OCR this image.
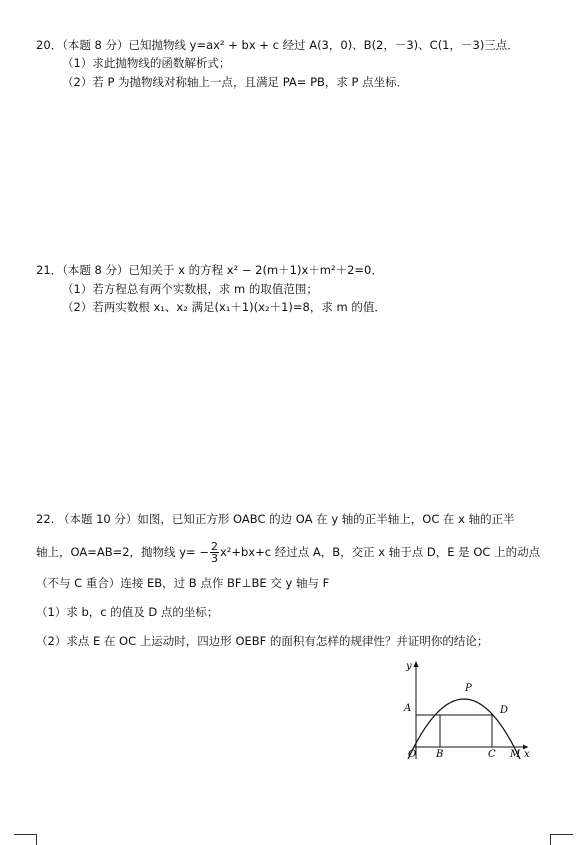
20．（本题 8 分）已知抛物线 y=ax² + bx + c 经过 A(3，0)、B(2，－3)、C(1，－3)三点．
（1）求此抛物线的函数解析式；
（2）若 P 为抛物线对称轴上一点，且满足 PA= PB，求 P 点坐标．
21．（本题 8 分）已知关于 x 的方程 x² − 2(m＋1)x＋m²＋2=0．
（1）若方程总有两个实数根，求 m 的取值范围；
（2）若两实数根 x₁、x₂ 满足(x₁＋1)(x₂＋1)=8，求 m 的值．
22. （本题 10 分）如图，已知正方形 OABC 的边 OA 在 y 轴的正半轴上，OC 在 x 轴的正半
轴上，OA=AB=2，抛物线 $y= - \frac{2}{3} x^2+bx+c$ 经过点 A，B，交正 x 轴于点 D，E 是 OC 上的动点
（不与 C 重合）连接 EB，过 B 点作 BF⊥BE 交 y 轴与 F
（1）求 b，c 的值及 D 点的坐标；
（2）求点 E 在 OC 上运动时，四边形 OEBF 的面积有怎样的规律性？并证明你的结论；
y
x
O
A
B	C
D
P
M
